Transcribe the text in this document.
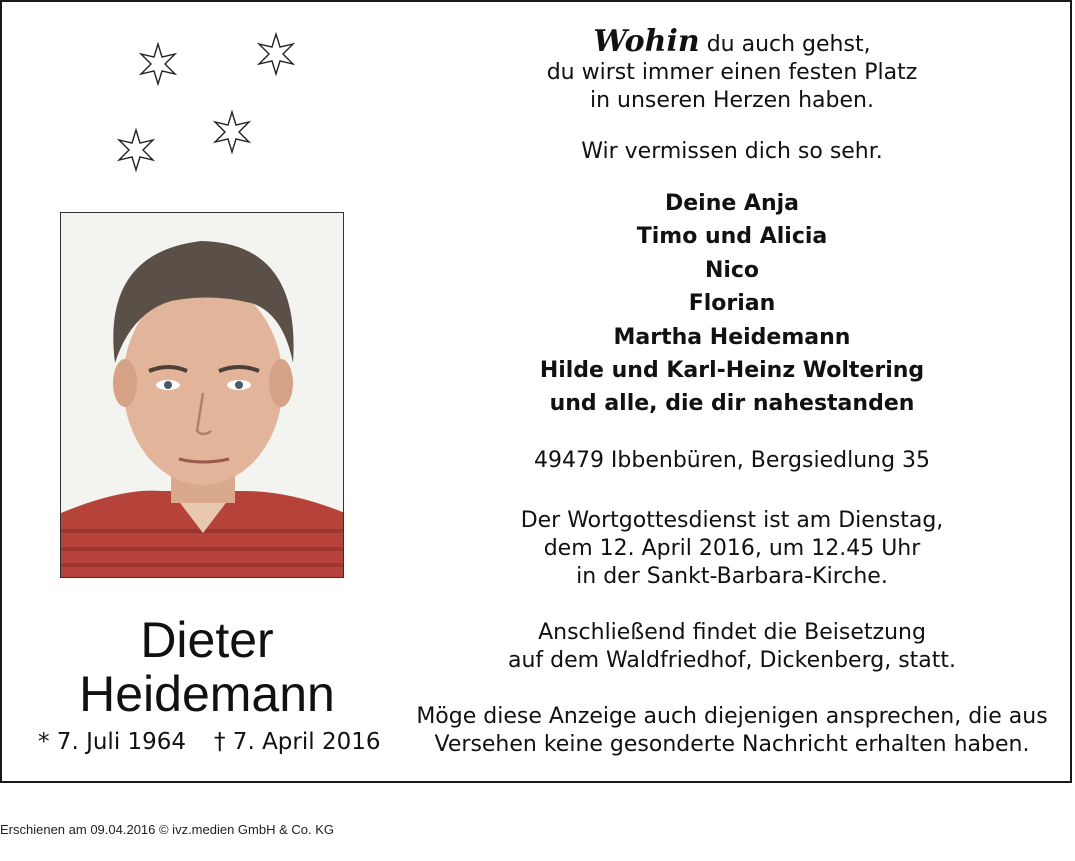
Dieter
Heidemann
* 7. Juli 1964 † 7. April 2016

Wohin du auch gehst,

du wirst immer einen festen Platz

in unseren Herzen haben.

Wir vermissen dich so sehr.

Deine Anja

Timo und Alicia

Nico

Florian

Martha Heidemann

Hilde und Karl-Heinz Woltering

und alle, die dir nahestanden

49479 Ibbenbüren, Bergsiedlung 35

Der Wortgottesdienst ist am Dienstag,

dem 12. April 2016, um 12.45 Uhr

in der Sankt-Barbara-Kirche.

Anschließend findet die Beisetzung

auf dem Waldfriedhof, Dickenberg, statt.

Möge diese Anzeige auch diejenigen ansprechen, die aus

Versehen keine gesonderte Nachricht erhalten haben.

Erschienen am 09.04.2016 © ivz.medien GmbH & Co. KG
